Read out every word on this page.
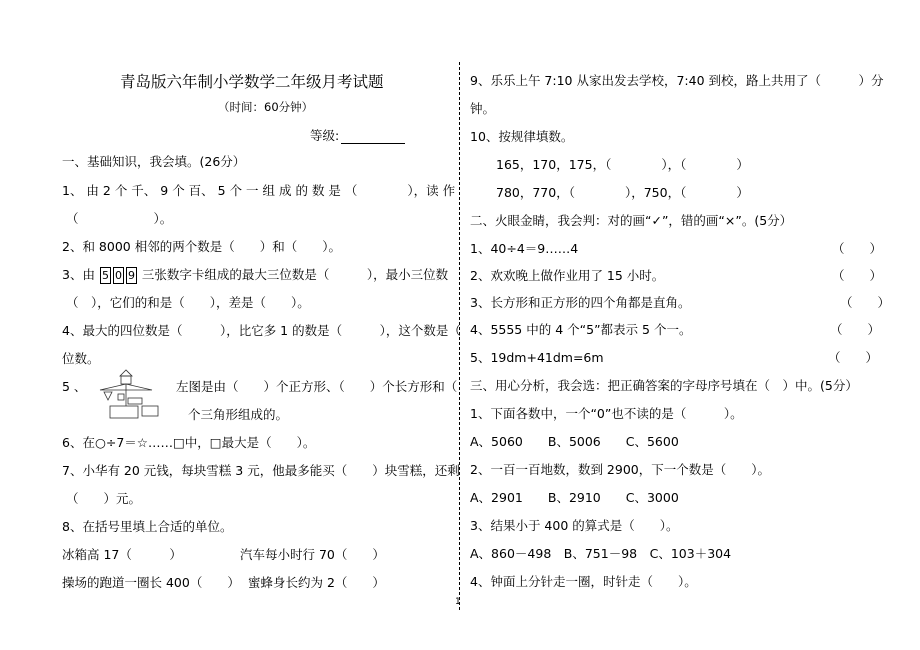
青岛版六年制小学数学二年级月考试题
（时间：60分钟）
等级:
一、基础知识，我会填。(26分）
1、 由 2 个 千、 9 个 百、 5 个 一 组 成 的 数 是 （　　　　），读 作
（　　　　　　）。
2、和 8000 相邻的两个数是（　　）和（　　）。
3、由 5 0 9 三张数字卡组成的最大三位数是（　　　），最小三位数
（　），它们的和是（　　），差是（　　）。
4、最大的四位数是（　　　），比它多 1 的数是（　　　），这个数是（
位数。
5 、	左图是由（　　）个正方形、（　　）个长方形和（
个三角形组成的。
6、在○÷7＝☆……□中，□最大是（　　）。
7、小华有 20 元钱，每块雪糕 3 元，他最多能买（　　）块雪糕，还剩
（　　）元。
8、在括号里填上合适的单位。
冰箱高 17（　　　）	汽车每小时行 70（　　）
操场的跑道一圈长 400（　　） 蜜蜂身长约为 2（　　）
9、乐乐上午 7:10 从家出发去学校，7:40 到校，路上共用了（　　　）分
钟。
10、按规律填数。
165，170，175，（　　　　），（　　　　）
780，770，（　　　　），750，（　　　　）
二、火眼金睛，我会判：对的画“✓”，错的画“×”。(5分）
1、40÷4＝9……4	（　　）
2、欢欢晚上做作业用了 15 小时。	（　　）
3、长方形和正方形的四个角都是直角。	（　　）
4、5555 中的 4 个“5”都表示 5 个一。	（　　）
5、19dm+41dm=6m	（　　）
三、用心分析，我会选：把正确答案的字母序号填在（　）中。(5分）
1、下面各数中，一个“0”也不读的是（　　　）。
A、5060　　B、5006　　C、5600
2、一百一百地数，数到 2900，下一个数是（　　）。
A、2901　　B、2910　　C、3000
3、结果小于 400 的算式是（　　）。
A、860－498　B、751－98　C、103＋304
4、钟面上分针走一圈，时针走（　　）。
1
